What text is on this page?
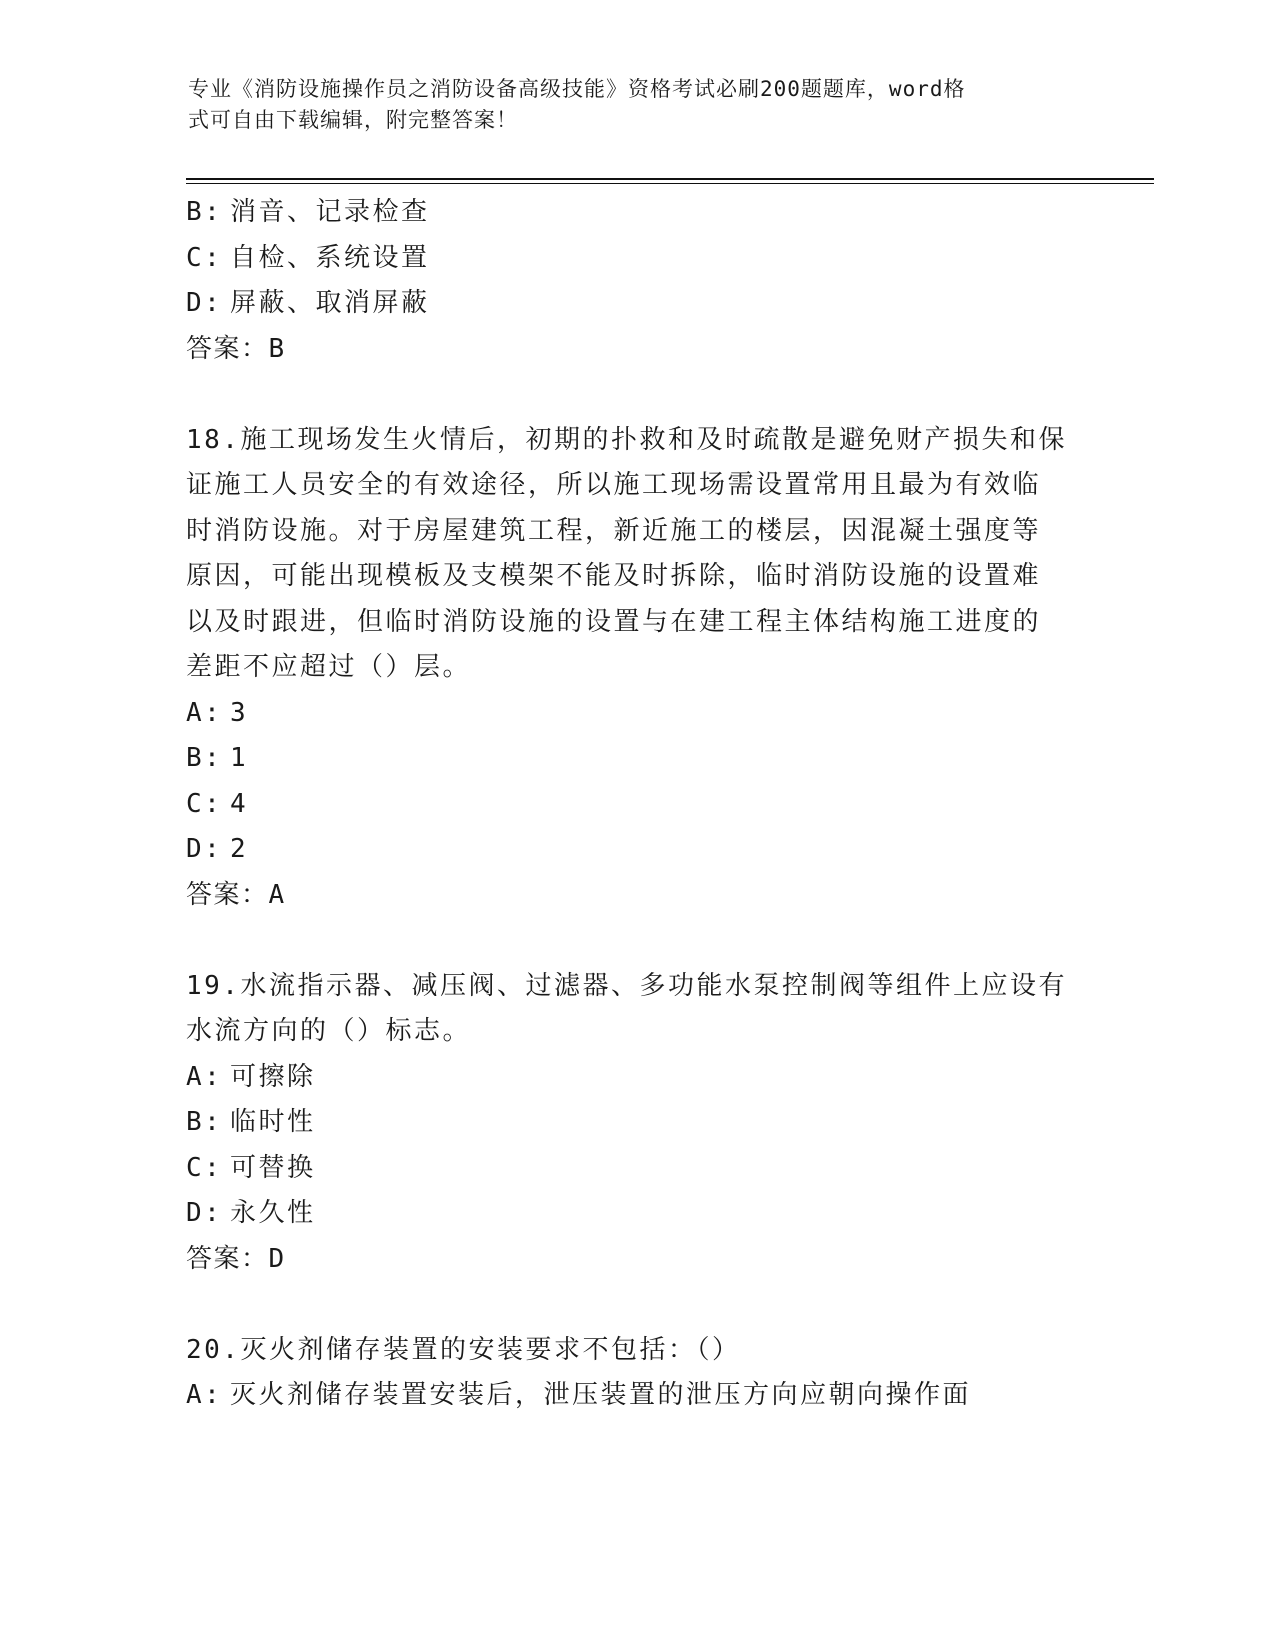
专业《消防设施操作员之消防设备高级技能》资格考试必刷200题题库，word格
式可自由下载编辑，附完整答案！
B: 消音、记录检查
C: 自检、系统设置
D: 屏蔽、取消屏蔽
答案：B
18.施工现场发生火情后，初期的扑救和及时疏散是避免财产损失和保
证施工人员安全的有效途径，所以施工现场需设置常用且最为有效临
时消防设施。对于房屋建筑工程，新近施工的楼层，因混凝土强度等
原因，可能出现模板及支模架不能及时拆除，临时消防设施的设置难
以及时跟进，但临时消防设施的设置与在建工程主体结构施工进度的
差距不应超过（）层。
A: 3
B: 1
C: 4
D: 2
答案：A
19.水流指示器、减压阀、过滤器、多功能水泵控制阀等组件上应设有
水流方向的（）标志。
A: 可擦除
B: 临时性
C: 可替换
D: 永久性
答案：D
20.灭火剂储存装置的安装要求不包括：（）
A: 灭火剂储存装置安装后，泄压装置的泄压方向应朝向操作面
